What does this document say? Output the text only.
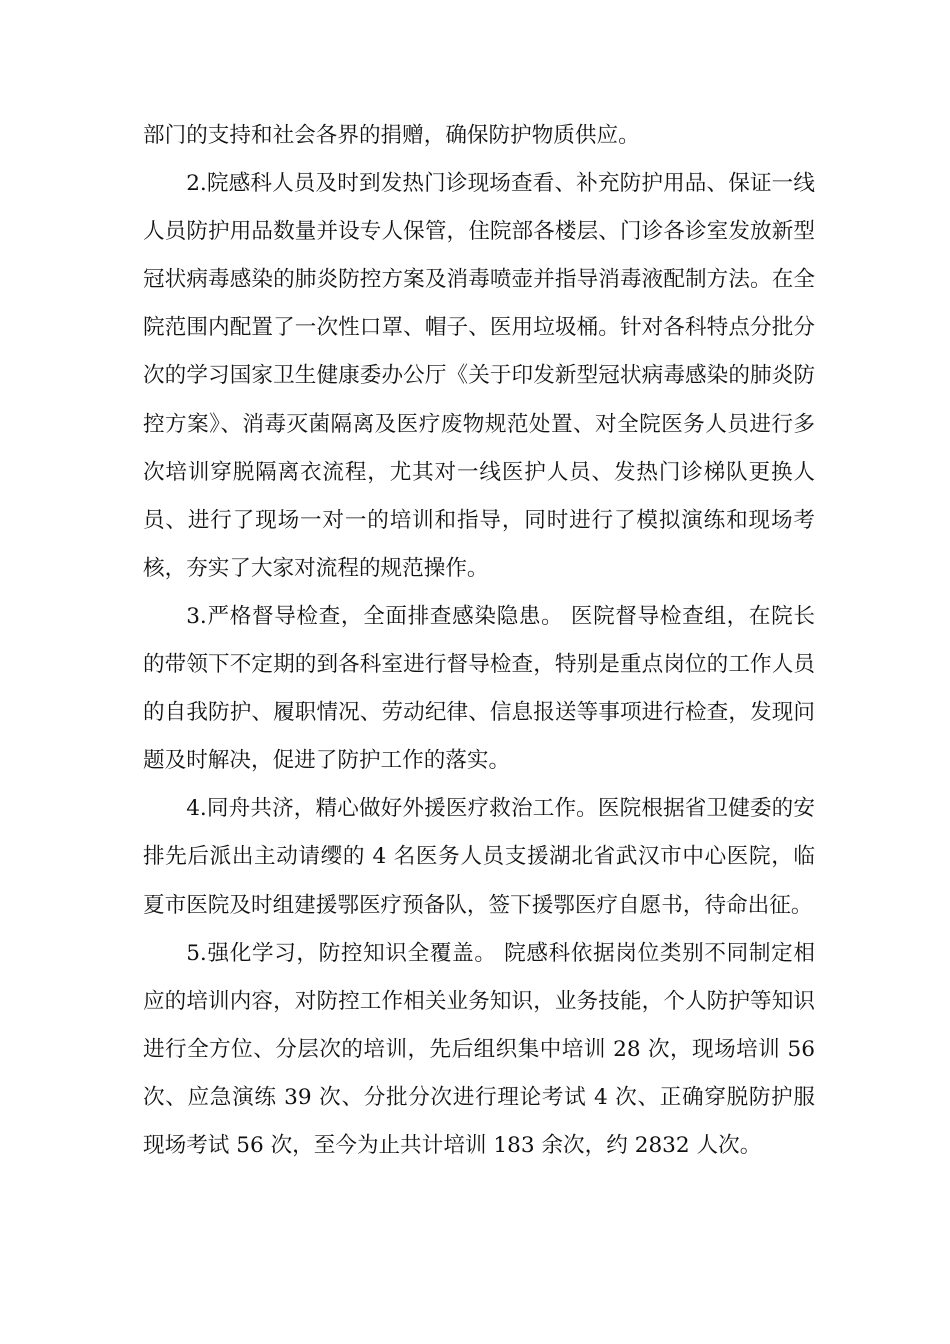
部门的支持和社会各界的捐赠，确保防护物质供应。

2.院感科人员及时到发热门诊现场查看、补充防护用品、保证一线人员防护用品数量并设专人保管，住院部各楼层、门诊各诊室发放新型冠状病毒感染的肺炎防控方案及消毒喷壶并指导消毒液配制方法。在全院范围内配置了一次性口罩、帽子、医用垃圾桶。针对各科特点分批分次的学习国家卫生健康委办公厅《关于印发新型冠状病毒感染的肺炎防控方案》、消毒灭菌隔离及医疗废物规范处置、对全院医务人员进行多次培训穿脱隔离衣流程，尤其对一线医护人员、发热门诊梯队更换人员、进行了现场一对一的培训和指导，同时进行了模拟演练和现场考核，夯实了大家对流程的规范操作。

3.严格督导检查，全面排查感染隐患。 医院督导检查组，在院长的带领下不定期的到各科室进行督导检查，特别是重点岗位的工作人员的自我防护、履职情况、劳动纪律、信息报送等事项进行检查，发现问题及时解决，促进了防护工作的落实。

4.同舟共济，精心做好外援医疗救治工作。医院根据省卫健委的安排先后派出主动请缨的 4 名医务人员支援湖北省武汉市中心医院，临夏市医院及时组建援鄂医疗预备队，签下援鄂医疗自愿书，待命出征。

5.强化学习，防控知识全覆盖。 院感科依据岗位类别不同制定相应的培训内容，对防控工作相关业务知识，业务技能，个人防护等知识进行全方位、分层次的培训，先后组织集中培训 28 次，现场培训 56 次、应急演练 39 次、分批分次进行理论考试 4 次、正确穿脱防护服现场考试 56 次，至今为止共计培训 183 余次，约 2832 人次。
